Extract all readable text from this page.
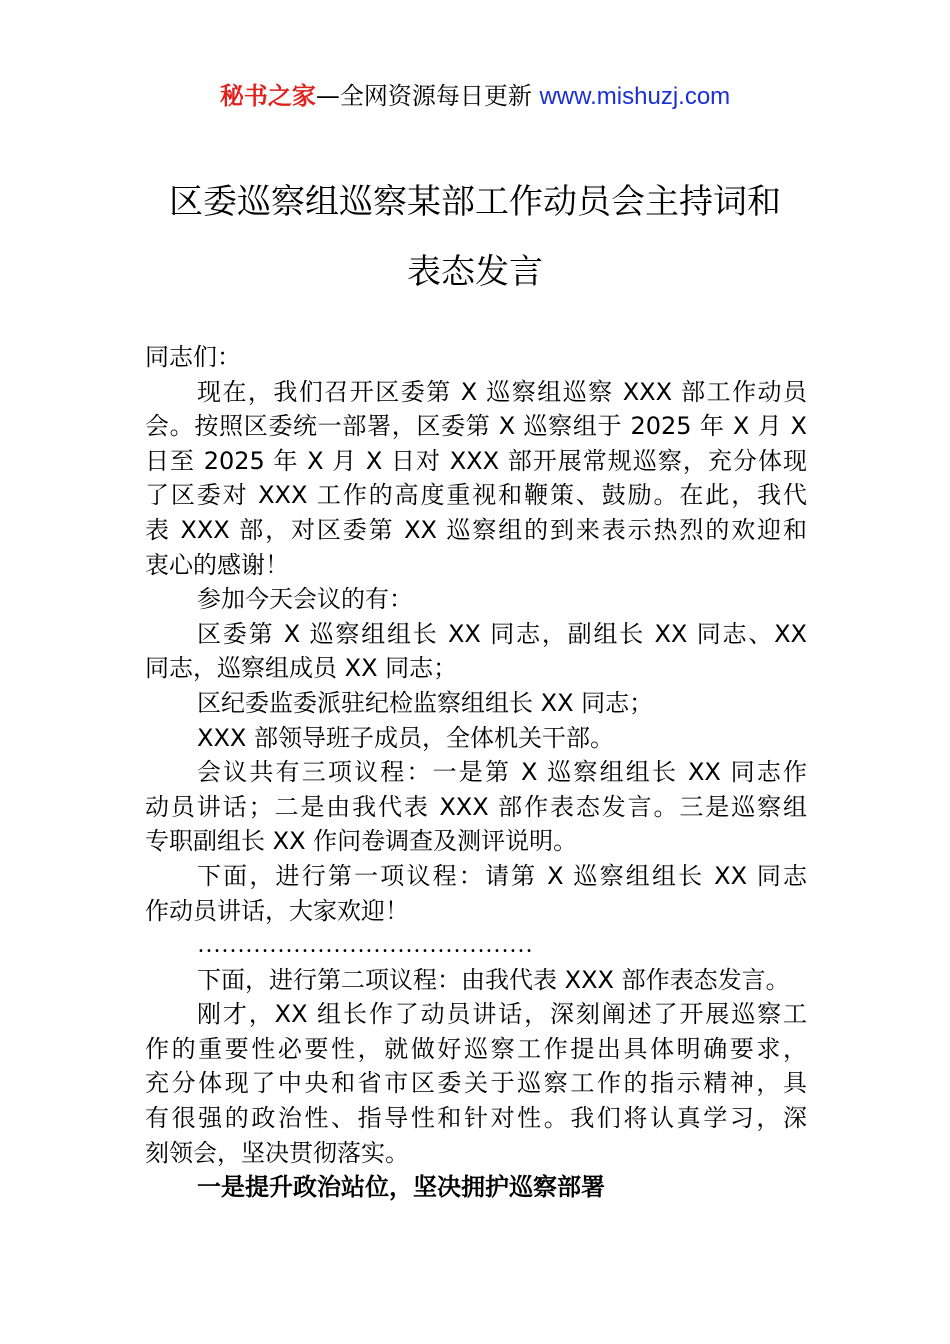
秘书之家—全网资源每日更新 www.mishuzj.com
区委巡察组巡察某部工作动员会主持词和
表态发言
同志们：
现在，我们召开区委第 X 巡察组巡察 XXX 部工作动员
会。按照区委统一部署，区委第 X 巡察组于 2025 年 X 月 X
日至 2025 年 X 月 X 日对 XXX 部开展常规巡察，充分体现
了区委对 XXX 工作的高度重视和鞭策、鼓励。在此，我代
表 XXX 部，对区委第 XX 巡察组的到来表示热烈的欢迎和
衷心的感谢！
参加今天会议的有：
区委第 X 巡察组组长 XX 同志，副组长 XX 同志、XX
同志，巡察组成员 XX 同志；
区纪委监委派驻纪检监察组组长 XX 同志；
XXX 部领导班子成员，全体机关干部。
会议共有三项议程：一是第 X 巡察组组长 XX 同志作
动员讲话；二是由我代表 XXX 部作表态发言。三是巡察组
专职副组长 XX 作问卷调查及测评说明。
下面，进行第一项议程：请第 X 巡察组组长 XX 同志
作动员讲话，大家欢迎！
……………………………………
下面，进行第二项议程：由我代表 XXX 部作表态发言。
刚才，XX 组长作了动员讲话，深刻阐述了开展巡察工
作的重要性必要性，就做好巡察工作提出具体明确要求，
充分体现了中央和省市区委关于巡察工作的指示精神，具
有很强的政治性、指导性和针对性。我们将认真学习，深
刻领会，坚决贯彻落实。
一是提升政治站位，坚决拥护巡察部署
